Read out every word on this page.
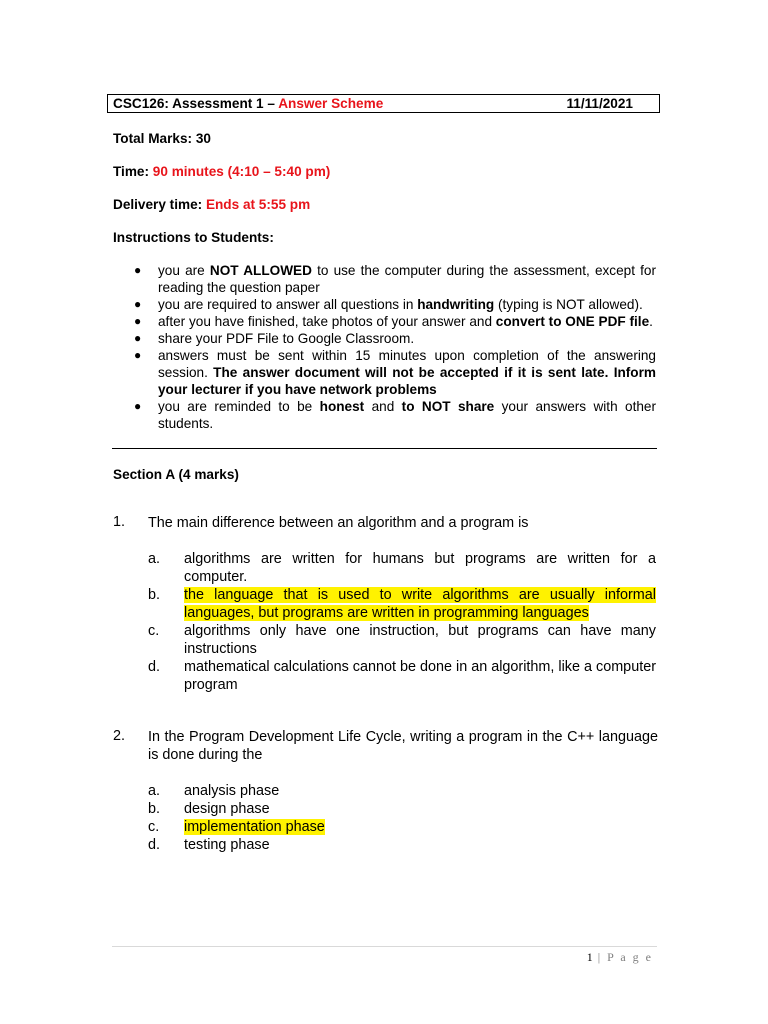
CSC126: Assessment 1 – Answer Scheme	11/11/2021
Total Marks: 30
Time: 90 minutes (4:10 – 5:40 pm)
Delivery time: Ends at 5:55 pm
Instructions to Students:
● you are NOT ALLOWED to use the computer during the assessment, except for reading the question paper
● you are required to answer all questions in handwriting (typing is NOT allowed).
● after you have finished, take photos of your answer and convert to ONE PDF file.
● share your PDF File to Google Classroom.
● answers must be sent within 15 minutes upon completion of the answering session. The answer document will not be accepted if it is sent late. Inform your lecturer if you have network problems
● you are reminded to be honest and to NOT share your answers with other students.
Section A (4 marks)
1. The main difference between an algorithm and a program is
a. algorithms are written for humans but programs are written for a computer.
b. the language that is used to write algorithms are usually informal languages, but programs are written in programming languages
c. algorithms only have one instruction, but programs can have many instructions
d. mathematical calculations cannot be done in an algorithm, like a computer program
2. In the Program Development Life Cycle, writing a program in the C++ language is done during the
a. analysis phase
b. design phase
c. implementation phase
d. testing phase
1 | P a g e
